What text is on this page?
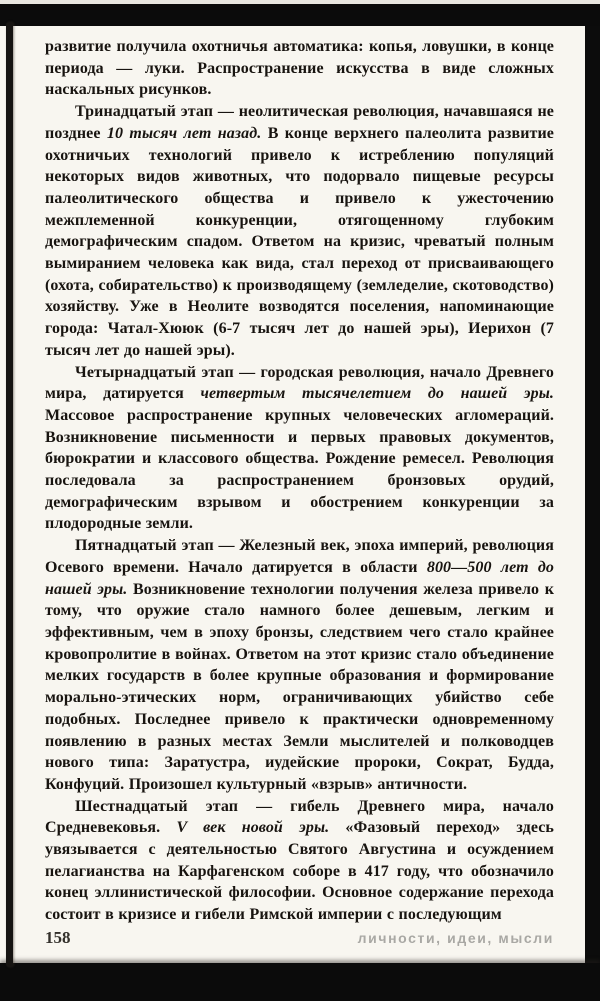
развитие получила охотничья автоматика: копья, ловушки, в конце периода — луки. Распространение искусства в виде сложных наскальных рисунков.

Тринадцатый этап — неолитическая революция, начавшаяся не позднее 10 тысяч лет назад. В конце верхнего палеолита развитие охотничьих технологий привело к истреблению популяций некоторых видов животных, что подорвало пищевые ресурсы палеолитического общества и привело к ужесточению межплеменной конкуренции, отягощенному глубоким демографическим спадом. Ответом на кризис, чреватый полным вымиранием человека как вида, стал переход от присваивающего (охота, собирательство) к производящему (земледелие, скотоводство) хозяйству. Уже в Неолите возводятся поселения, напоминающие города: Чатал-Хююк (6-7 тысяч лет до нашей эры), Иерихон (7 тысяч лет до нашей эры).

Четырнадцатый этап — городская революция, начало Древнего мира, датируется четвертым тысячелетием до нашей эры. Массовое распространение крупных человеческих агломераций. Возникновение письменности и первых правовых документов, бюрократии и классового общества. Рождение ремесел. Революция последовала за распространением бронзовых орудий, демографическим взрывом и обострением конкуренции за плодородные земли.

Пятнадцатый этап — Железный век, эпоха империй, революция Осевого времени. Начало датируется в области 800—500 лет до нашей эры. Возникновение технологии получения железа привело к тому, что оружие стало намного более дешевым, легким и эффективным, чем в эпоху бронзы, следствием чего стало крайнее кровопролитие в войнах. Ответом на этот кризис стало объединение мелких государств в более крупные образования и формирование морально-этических норм, ограничивающих убийство себе подобных. Последнее привело к практически одновременному появлению в разных местах Земли мыслителей и полководцев нового типа: Заратустра, иудейские пророки, Сократ, Будда, Конфуций. Произошел культурный «взрыв» античности.

Шестнадцатый этап — гибель Древнего мира, начало Средневековья. V век новой эры. «Фазовый переход» здесь увязывается с деятельностью Святого Августина и осуждением пелагианства на Карфагенском соборе в 417 году, что обозначило конец эллинистической философии. Основное содержание перехода состоит в кризисе и гибели Римской империи с последующим

158	личности, идеи, мысли
